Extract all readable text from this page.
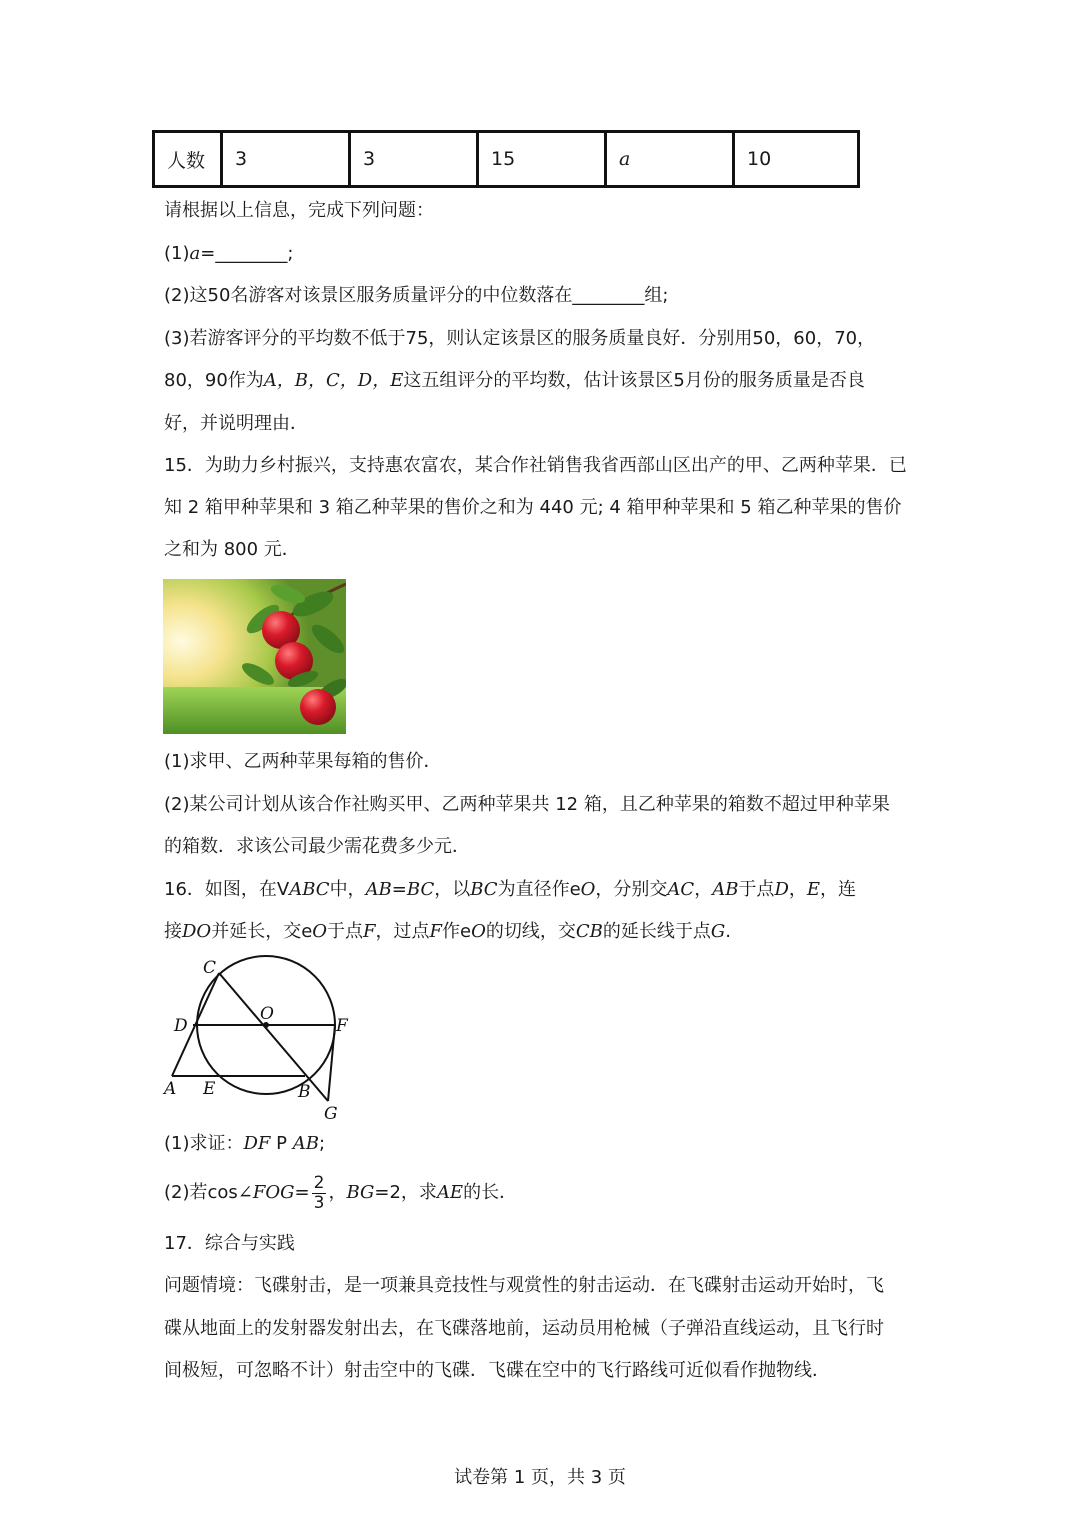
人数	3	3	15	a	10
请根据以上信息，完成下列问题：
(1)a=________;
(2)这50名游客对该景区服务质量评分的中位数落在________组;
(3)若游客评分的平均数不低于75，则认定该景区的服务质量良好．分别用50，60，70，
80，90作为A，B，C，D，E这五组评分的平均数，估计该景区5月份的服务质量是否良
好，并说明理由．
15．为助力乡村振兴，支持惠农富农，某合作社销售我省西部山区出产的甲、乙两种苹果．已
知 2 箱甲种苹果和 3 箱乙种苹果的售价之和为 440 元; 4 箱甲种苹果和 5 箱乙种苹果的售价
之和为 800 元．
(1)求甲、乙两种苹果每箱的售价．
(2)某公司计划从该合作社购买甲、乙两种苹果共 12 箱，且乙种苹果的箱数不超过甲种苹果
的箱数．求该公司最少需花费多少元．
16．如图，在VABC中，AB=BC，以BC为直径作eO，分别交AC，AB于点D，E，连
接DO并延长，交eO于点F，过点F作eO的切线，交CB的延长线于点G.
C
D
O
F
A E	B
G
(1)求证：DF P AB;
(2)若cos∠FOG= $\frac{2}{3}$ ，BG=2，求AE的长．
17．综合与实践
问题情境：飞碟射击，是一项兼具竞技性与观赏性的射击运动．在飞碟射击运动开始时，飞
碟从地面上的发射器发射出去，在飞碟落地前，运动员用枪械（子弹沿直线运动，且飞行时
间极短，可忽略不计）射击空中的飞碟．飞碟在空中的飞行路线可近似看作抛物线．
试卷第 1 页，共 3 页
